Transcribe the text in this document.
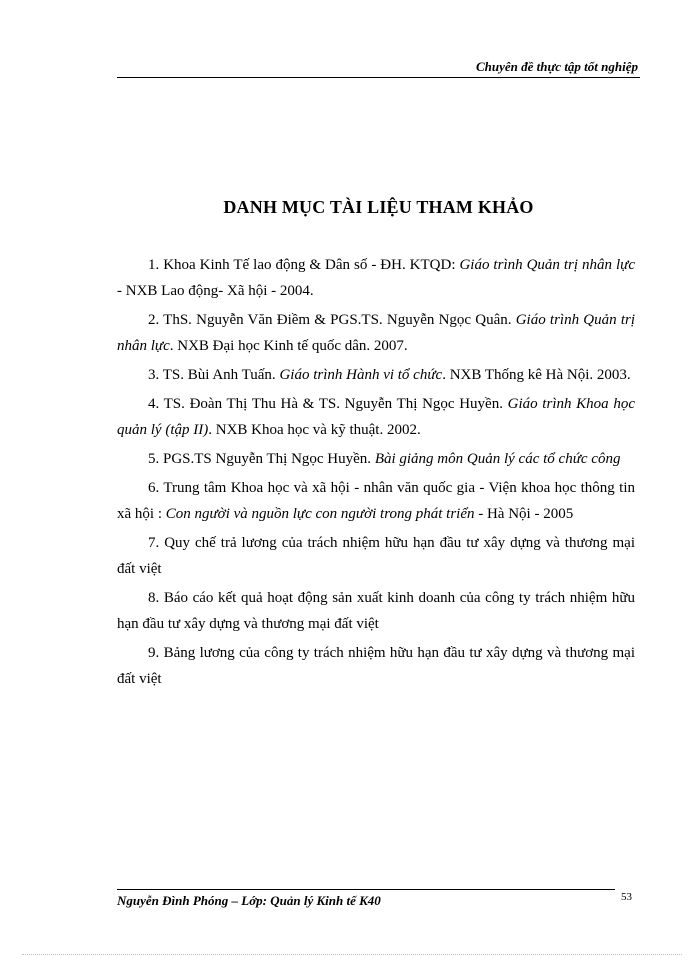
Chuyên đề thực tập tốt nghiệp
DANH MỤC TÀI LIỆU THAM KHẢO
1. Khoa Kinh Tế lao động & Dân số - ĐH. KTQD: Giáo trình Quản trị nhân lực - NXB Lao động- Xã hội - 2004.
2. ThS. Nguyễn Văn Điềm & PGS.TS. Nguyễn Ngọc Quân. Giáo trình Quản trị nhân lực. NXB Đại học Kinh tế quốc dân. 2007.
3. TS. Bùi Anh Tuấn. Giáo trình Hành vi tổ chức. NXB Thống kê Hà Nội. 2003.
4. TS. Đoàn Thị Thu Hà & TS. Nguyễn Thị Ngọc Huyền. Giáo trình Khoa học quản lý (tập II). NXB Khoa học và kỹ thuật. 2002.
5. PGS.TS Nguyễn Thị Ngọc Huyền. Bài giảng môn Quản lý các tổ chức công
6. Trung tâm Khoa học và xã hội - nhân văn quốc gia - Viện khoa học thông tin xã hội : Con người và nguồn lực con người trong phát triển - Hà Nội - 2005
7. Quy chế trả lương của trách nhiệm hữu hạn đầu tư xây dựng và thương mại đất việt
8. Báo cáo kết quả hoạt động sản xuất kinh doanh của công ty trách nhiệm hữu hạn đầu tư xây dựng và thương mại đất việt
9. Bảng lương của công ty trách nhiệm hữu hạn đầu tư xây dựng và thương mại đất việt
Nguyễn Đình Phóng – Lớp: Quản lý Kinh tế K40	53
